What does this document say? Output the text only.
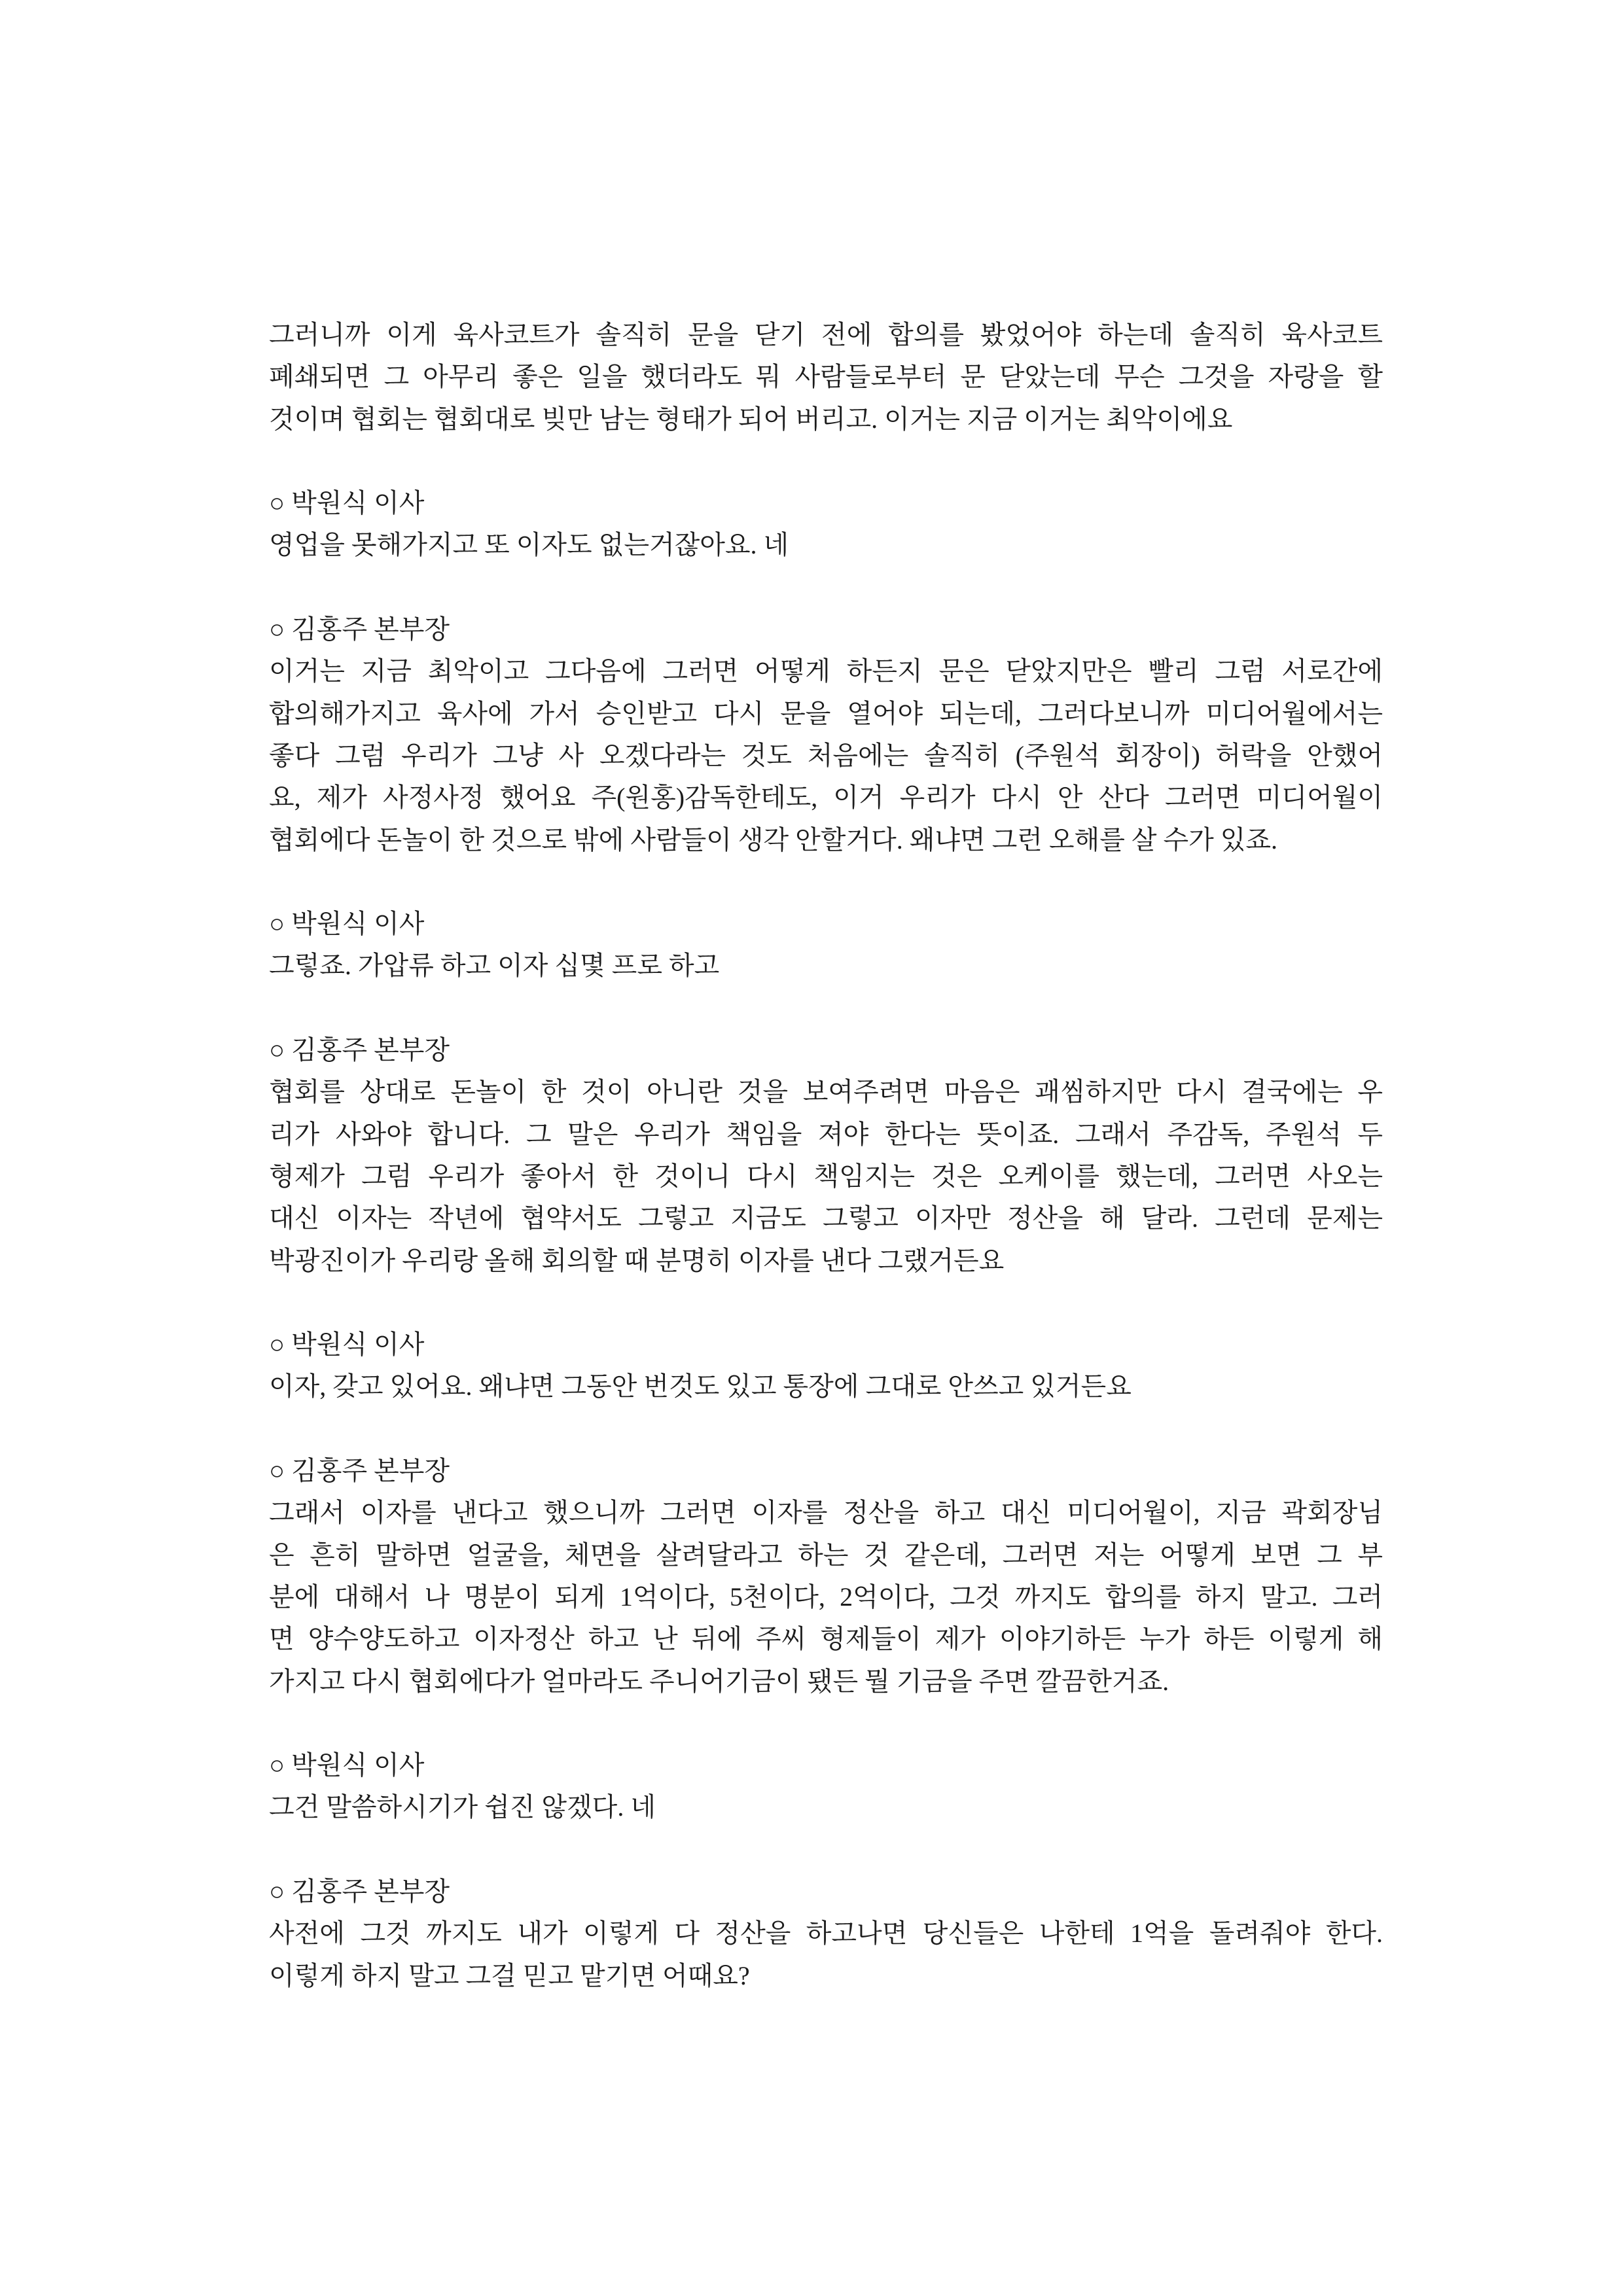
그러니까 이게 육사코트가 솔직히 문을 닫기 전에 합의를 봤었어야 하는데 솔직히 육사코트
폐쇄되면 그 아무리 좋은 일을 했더라도 뭐 사람들로부터 문 닫았는데 무슨 그것을 자랑을 할
것이며 협회는 협회대로 빚만 남는 형태가 되어 버리고. 이거는 지금 이거는 최악이에요
○ 박원식 이사
영업을 못해가지고 또 이자도 없는거잖아요. 네
○ 김홍주 본부장
이거는 지금 최악이고 그다음에 그러면 어떻게 하든지 문은 닫았지만은 빨리 그럼 서로간에
합의해가지고 육사에 가서 승인받고 다시 문을 열어야 되는데, 그러다보니까 미디어월에서는
좋다 그럼 우리가 그냥 사 오겠다라는 것도 처음에는 솔직히 (주원석 회장이) 허락을 안했어
요, 제가 사정사정 했어요 주(원홍)감독한테도, 이거 우리가 다시 안 산다 그러면 미디어월이
협회에다 돈놀이 한 것으로 밖에 사람들이 생각 안할거다. 왜냐면 그런 오해를 살 수가 있죠.
○ 박원식 이사
그렇죠. 가압류 하고 이자 십몇 프로 하고
○ 김홍주 본부장
협회를 상대로 돈놀이 한 것이 아니란 것을 보여주려면 마음은 괘씸하지만 다시 결국에는 우
리가 사와야 합니다. 그 말은 우리가 책임을 져야 한다는 뜻이죠. 그래서 주감독, 주원석 두
형제가 그럼 우리가 좋아서 한 것이니 다시 책임지는 것은 오케이를 했는데, 그러면 사오는
대신 이자는 작년에 협약서도 그렇고 지금도 그렇고 이자만 정산을 해 달라. 그런데 문제는
박광진이가 우리랑 올해 회의할 때 분명히 이자를 낸다 그랬거든요
○ 박원식 이사
이자, 갖고 있어요. 왜냐면 그동안 번것도 있고 통장에 그대로 안쓰고 있거든요
○ 김홍주 본부장
그래서 이자를 낸다고 했으니까 그러면 이자를 정산을 하고 대신 미디어월이, 지금 곽회장님
은 흔히 말하면 얼굴을, 체면을 살려달라고 하는 것 같은데, 그러면 저는 어떻게 보면 그 부
분에 대해서 나 명분이 되게 1억이다, 5천이다, 2억이다, 그것 까지도 합의를 하지 말고. 그러
면 양수양도하고 이자정산 하고 난 뒤에 주씨 형제들이 제가 이야기하든 누가 하든 이렇게 해
가지고 다시 협회에다가 얼마라도 주니어기금이 됐든 뭘 기금을 주면 깔끔한거죠.
○ 박원식 이사
그건 말씀하시기가 쉽진 않겠다. 네
○ 김홍주 본부장
사전에 그것 까지도 내가 이렇게 다 정산을 하고나면 당신들은 나한테 1억을 돌려줘야 한다.
이렇게 하지 말고 그걸 믿고 맡기면 어때요?
